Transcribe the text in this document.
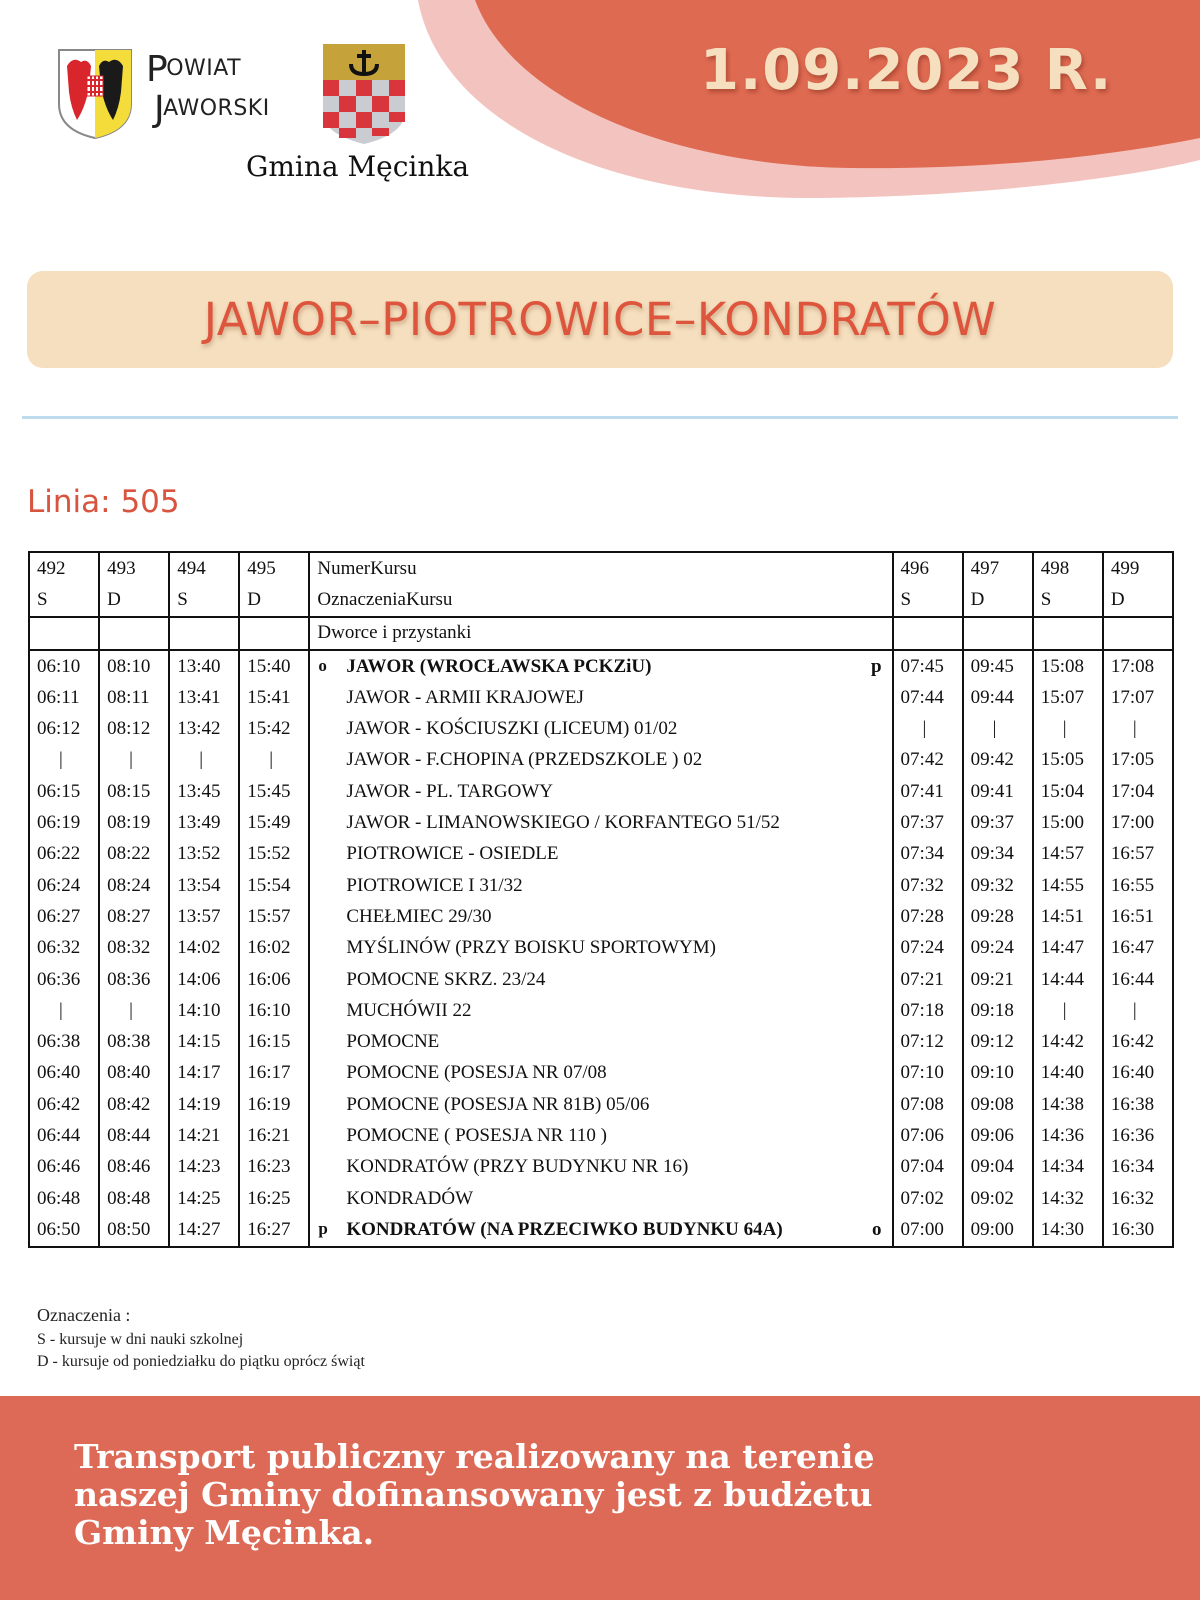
1.09.2023 R.
POWIAT
JAWORSKI
Gmina Męcinka
JAWOR–PIOTROWICE–KONDRATÓW
Linia: 505
492	493	494	495	NumerKursu	496	497	498	499
S	D	S	D	OznaczeniaKursu	S	D	S	D
				Dworce i przystanki				
06:10	08:10	13:40	15:40	o JAWOR (WROCŁAWSKA PCKZiU) p	07:45	09:45	15:08	17:08
06:11	08:11	13:41	15:41	JAWOR - ARMII KRAJOWEJ	07:44	09:44	15:07	17:07
06:12	08:12	13:42	15:42	JAWOR - KOŚCIUSZKI (LICEUM) 01/02	|	|	|	|
|	|	|	|	JAWOR - F.CHOPINA (PRZEDSZKOLE ) 02	07:42	09:42	15:05	17:05
06:15	08:15	13:45	15:45	JAWOR - PL. TARGOWY	07:41	09:41	15:04	17:04
06:19	08:19	13:49	15:49	JAWOR - LIMANOWSKIEGO / KORFANTEGO 51/52	07:37	09:37	15:00	17:00
06:22	08:22	13:52	15:52	PIOTROWICE - OSIEDLE	07:34	09:34	14:57	16:57
06:24	08:24	13:54	15:54	PIOTROWICE I 31/32	07:32	09:32	14:55	16:55
06:27	08:27	13:57	15:57	CHEŁMIEC 29/30	07:28	09:28	14:51	16:51
06:32	08:32	14:02	16:02	MYŚLINÓW (PRZY BOISKU SPORTOWYM)	07:24	09:24	14:47	16:47
06:36	08:36	14:06	16:06	POMOCNE SKRZ. 23/24	07:21	09:21	14:44	16:44
|	|	14:10	16:10	MUCHÓWII 22	07:18	09:18	|	|
06:38	08:38	14:15	16:15	POMOCNE	07:12	09:12	14:42	16:42
06:40	08:40	14:17	16:17	POMOCNE (POSESJA NR 07/08	07:10	09:10	14:40	16:40
06:42	08:42	14:19	16:19	POMOCNE (POSESJA NR 81B) 05/06	07:08	09:08	14:38	16:38
06:44	08:44	14:21	16:21	POMOCNE ( POSESJA NR 110 )	07:06	09:06	14:36	16:36
06:46	08:46	14:23	16:23	KONDRATÓW (PRZY BUDYNKU NR 16)	07:04	09:04	14:34	16:34
06:48	08:48	14:25	16:25	KONDRADÓW	07:02	09:02	14:32	16:32
06:50	08:50	14:27	16:27	p KONDRATÓW (NA PRZECIWKO BUDYNKU 64A) o	07:00	09:00	14:30	16:30
Oznaczenia :
S - kursuje w dni nauki szkolnej
D - kursuje od poniedziałku do piątku oprócz świąt

Transport publiczny realizowany na terenie naszej Gminy dofinansowany jest z budżetu Gminy Męcinka.
